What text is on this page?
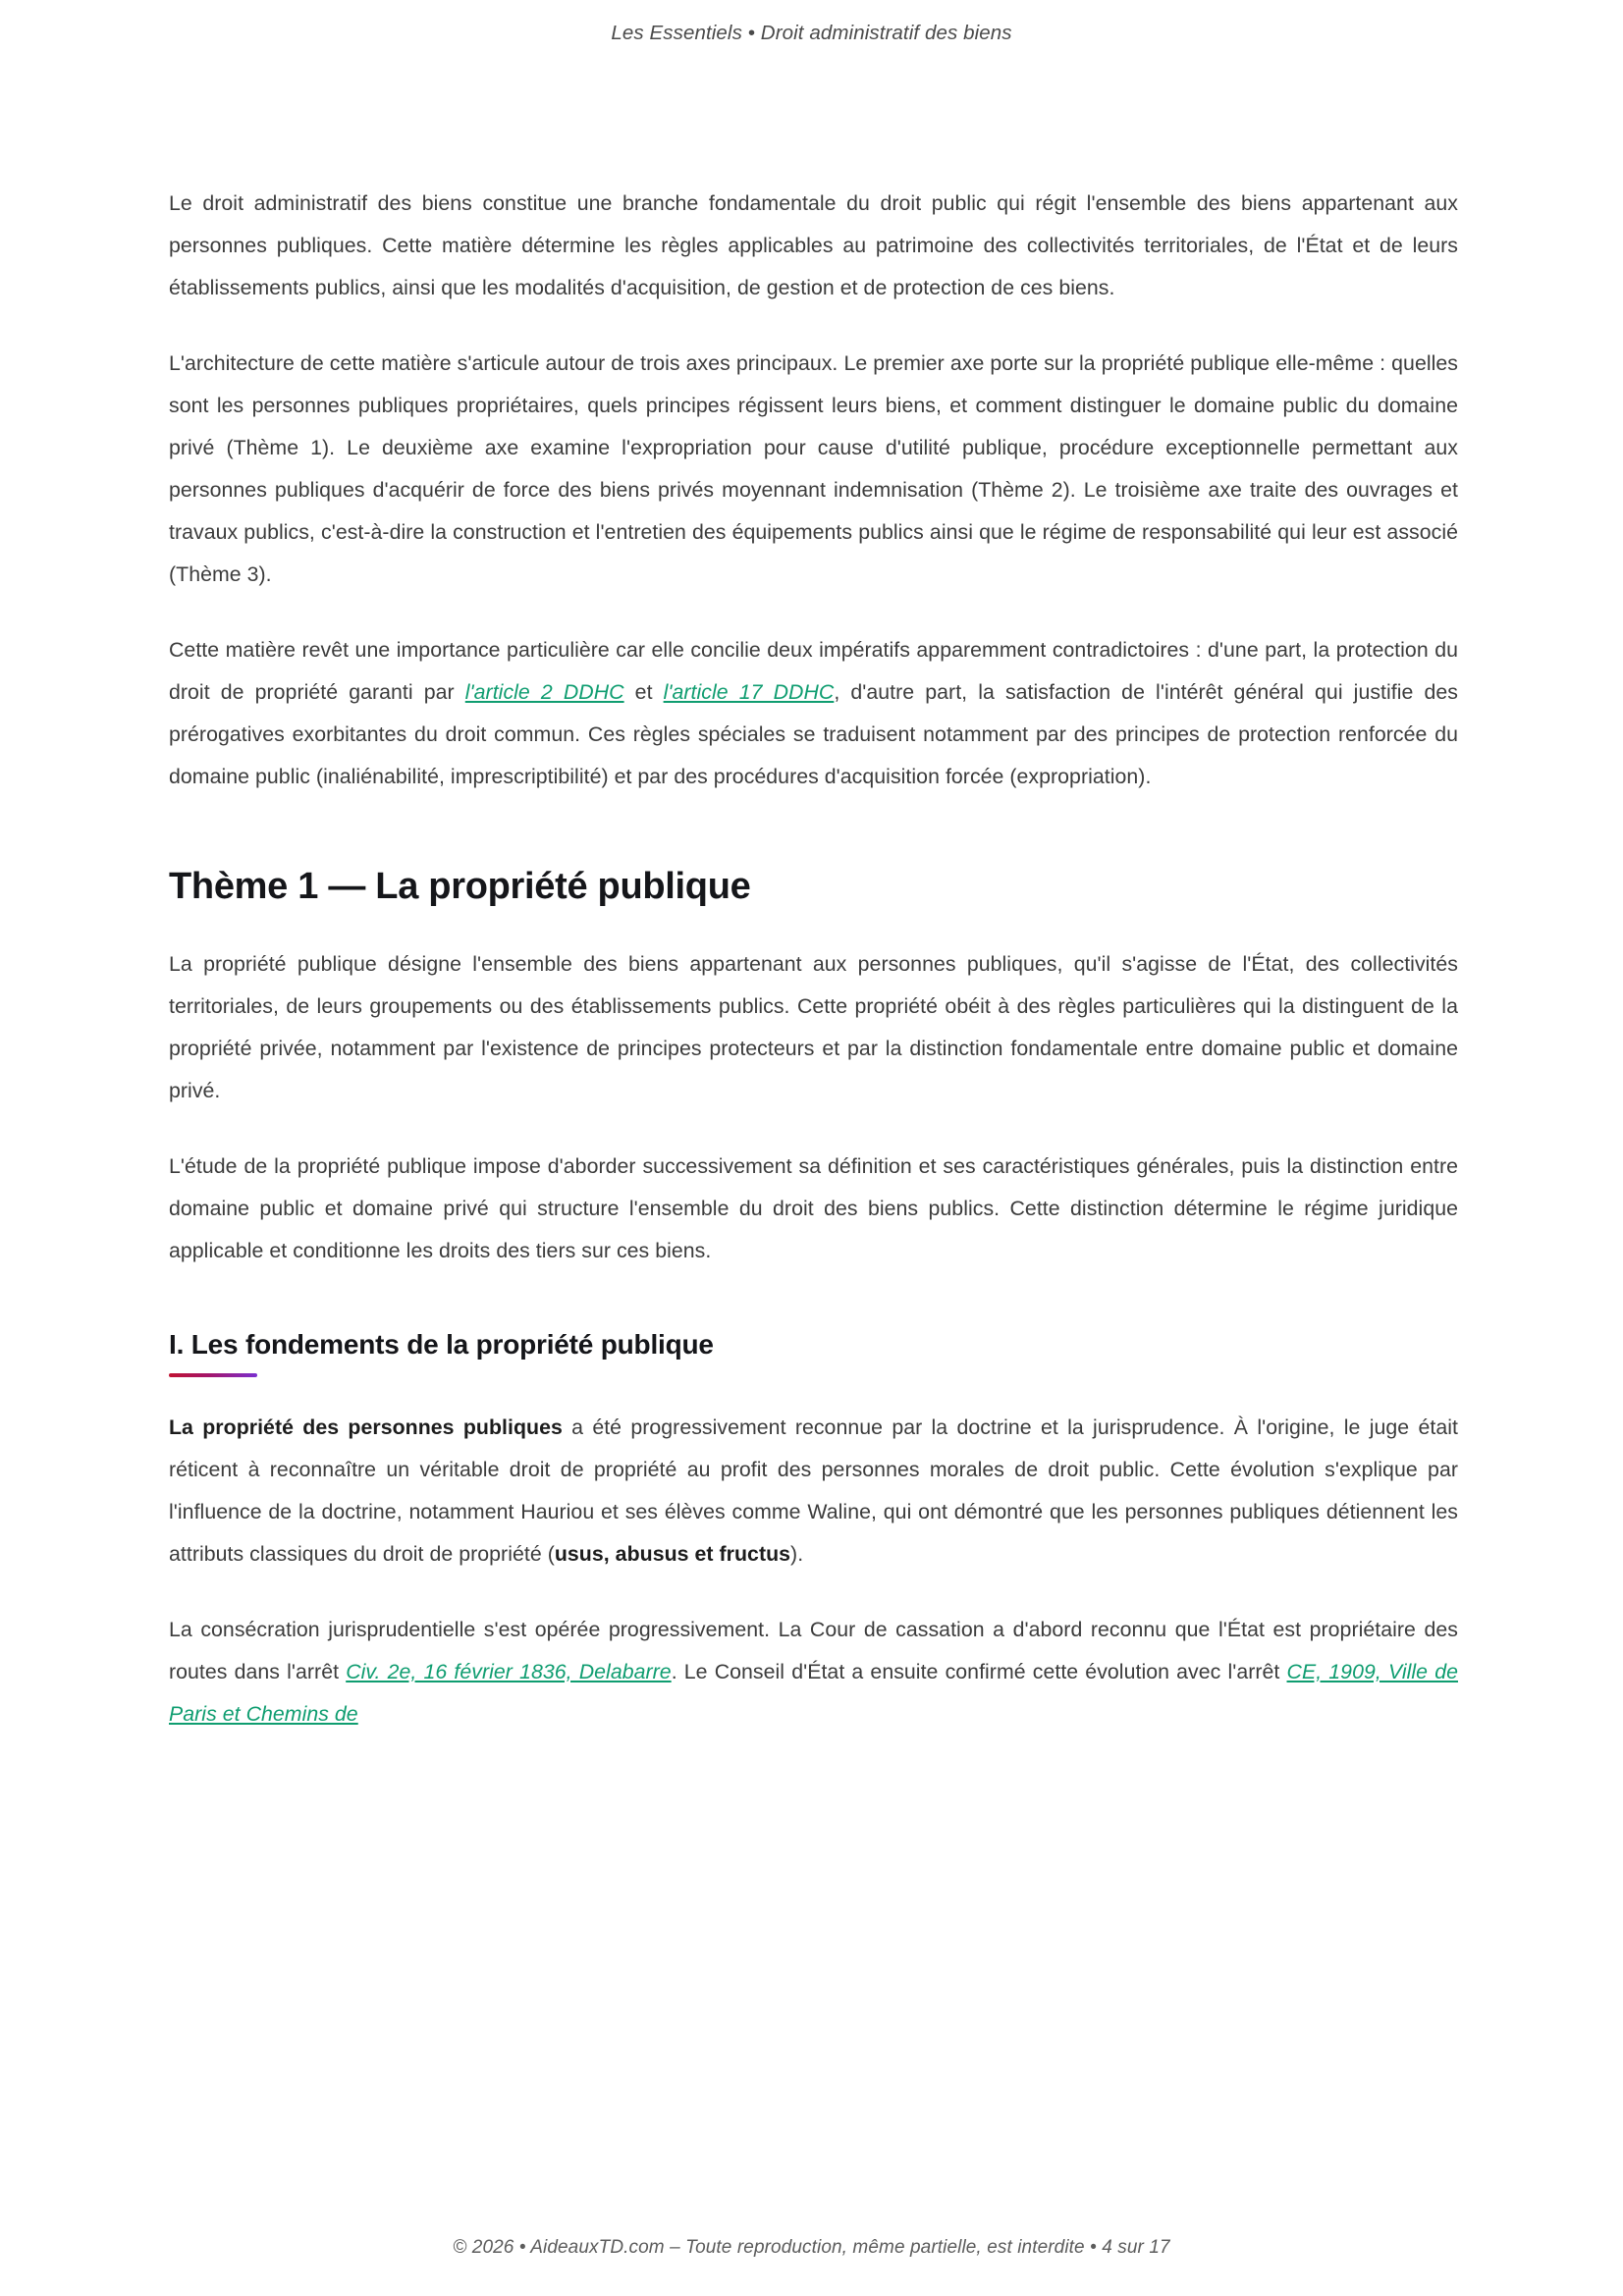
Les Essentiels • Droit administratif des biens

Le droit administratif des biens constitue une branche fondamentale du droit public qui régit l'ensemble des biens appartenant aux personnes publiques. Cette matière détermine les règles applicables au patrimoine des collectivités territoriales, de l'État et de leurs établissements publics, ainsi que les modalités d'acquisition, de gestion et de protection de ces biens.

L'architecture de cette matière s'articule autour de trois axes principaux. Le premier axe porte sur la propriété publique elle-même : quelles sont les personnes publiques propriétaires, quels principes régissent leurs biens, et comment distinguer le domaine public du domaine privé (Thème 1). Le deuxième axe examine l'expropriation pour cause d'utilité publique, procédure exceptionnelle permettant aux personnes publiques d'acquérir de force des biens privés moyennant indemnisation (Thème 2). Le troisième axe traite des ouvrages et travaux publics, c'est-à-dire la construction et l'entretien des équipements publics ainsi que le régime de responsabilité qui leur est associé (Thème 3).

Cette matière revêt une importance particulière car elle concilie deux impératifs apparemment contradictoires : d'une part, la protection du droit de propriété garanti par l'article 2 DDHC et l'article 17 DDHC, d'autre part, la satisfaction de l'intérêt général qui justifie des prérogatives exorbitantes du droit commun. Ces règles spéciales se traduisent notamment par des principes de protection renforcée du domaine public (inaliénabilité, imprescriptibilité) et par des procédures d'acquisition forcée (expropriation).

Thème 1 — La propriété publique

La propriété publique désigne l'ensemble des biens appartenant aux personnes publiques, qu'il s'agisse de l'État, des collectivités territoriales, de leurs groupements ou des établissements publics. Cette propriété obéit à des règles particulières qui la distinguent de la propriété privée, notamment par l'existence de principes protecteurs et par la distinction fondamentale entre domaine public et domaine privé.

L'étude de la propriété publique impose d'aborder successivement sa définition et ses caractéristiques générales, puis la distinction entre domaine public et domaine privé qui structure l'ensemble du droit des biens publics. Cette distinction détermine le régime juridique applicable et conditionne les droits des tiers sur ces biens.

I. Les fondements de la propriété publique

La propriété des personnes publiques a été progressivement reconnue par la doctrine et la jurisprudence. À l'origine, le juge était réticent à reconnaître un véritable droit de propriété au profit des personnes morales de droit public. Cette évolution s'explique par l'influence de la doctrine, notamment Hauriou et ses élèves comme Waline, qui ont démontré que les personnes publiques détiennent les attributs classiques du droit de propriété (usus, abusus et fructus).

La consécration jurisprudentielle s'est opérée progressivement. La Cour de cassation a d'abord reconnu que l'État est propriétaire des routes dans l'arrêt Civ. 2e, 16 février 1836, Delabarre. Le Conseil d'État a ensuite confirmé cette évolution avec l'arrêt CE, 1909, Ville de Paris et Chemins de

© 2026 • AideauxTD.com – Toute reproduction, même partielle, est interdite • 4 sur 17
